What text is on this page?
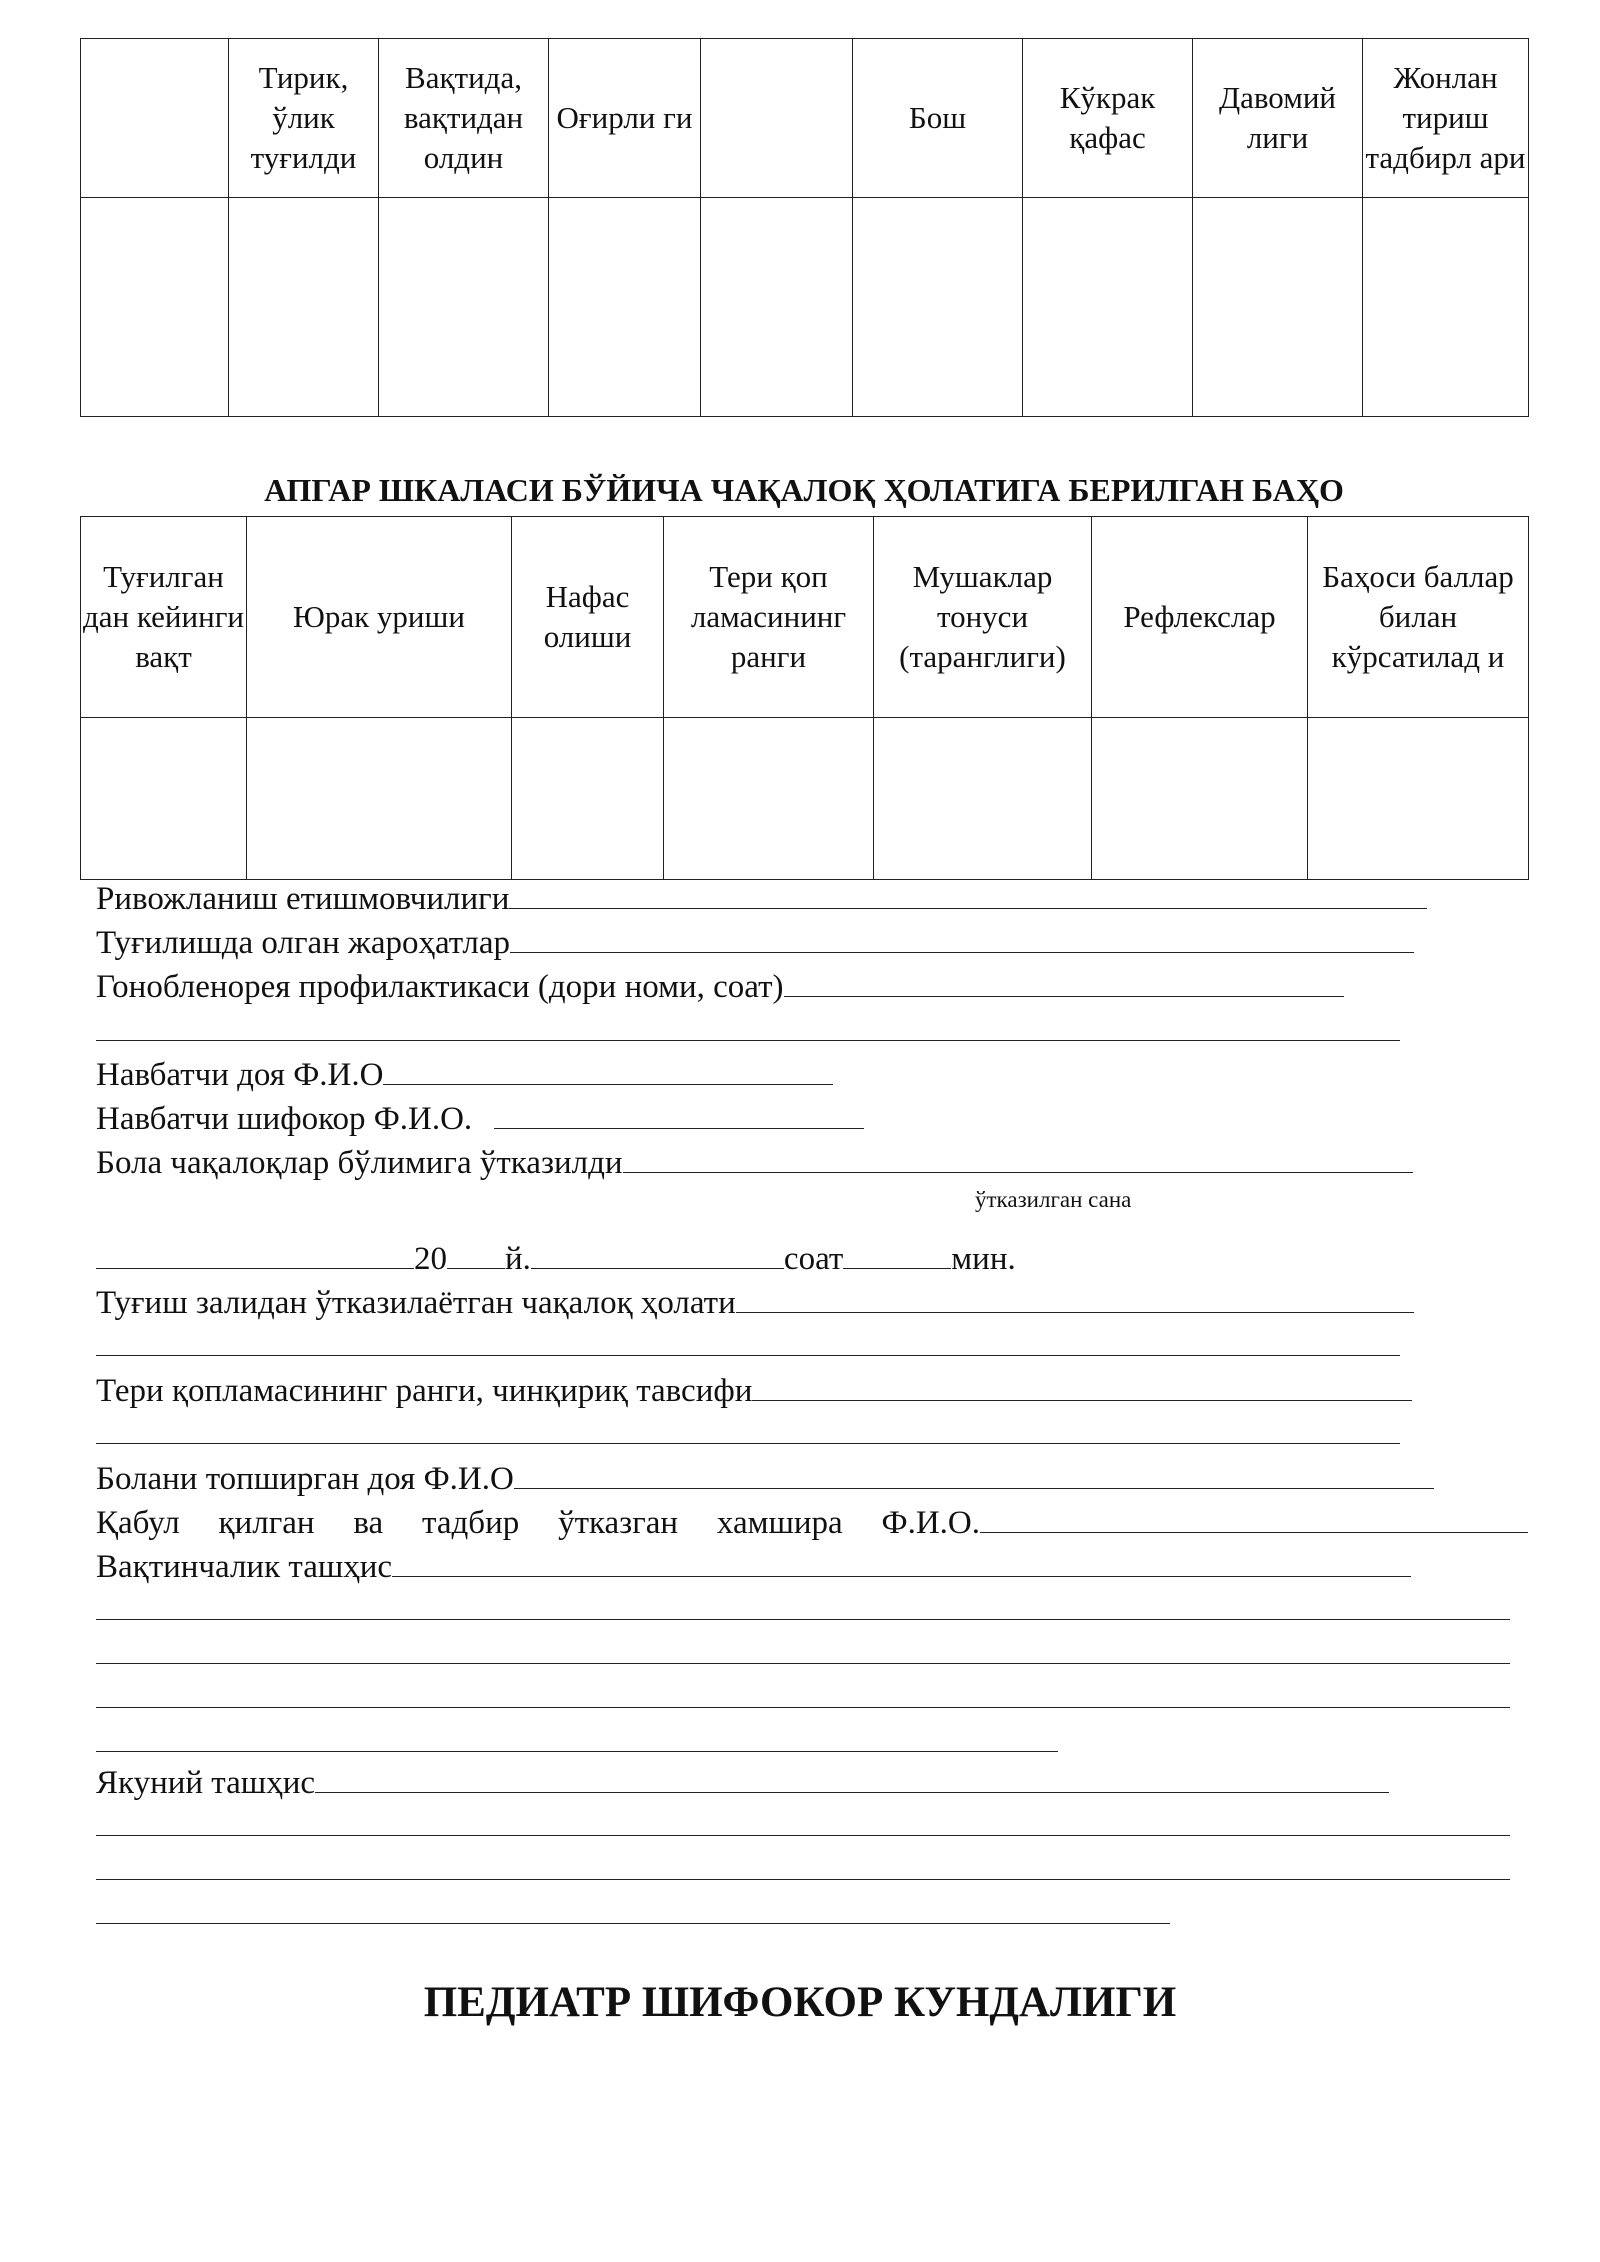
	Тирик, ўлик туғилди	Вақтида, вақтидан олдин	Оғирли ги		Бош	Кўкрак қафас	Давомий лиги	Жонлан тириш тадбирл ари

АПГАР ШКАЛАСИ БЎЙИЧА ЧАҚАЛОҚ ҲОЛАТИГА БЕРИЛГАН БАҲО
Туғилган дан кейинги вақт	Юрак уриши	Нафас олиши	Тери қоп ламасининг ранги	Мушаклар тонуси (таранглиги)	Рефлекслар	Баҳоси баллар билан кўрсатилад и

Ривожланиш етишмовчилиги
Туғилишда олган жароҳатлар
Гонобленорея профилактикаси (дори номи, соат)
Навбатчи доя Ф.И.О
Навбатчи шифокор Ф.И.О.
Бола чақалоқлар бўлимига ўтказилди
ўтказилган сана
20 й.	соат	мин.
Туғиш залидан ўтказилаётган чақалоқ ҳолати
Тери қопламасининг ранги, чинқириқ тавсифи
Болани топширган доя Ф.И.О
Қабул қилган ва тадбир ўтказган хамшира Ф.И.О.
Вақтинчалик ташҳис
Якуний ташҳис
ПЕДИАТР ШИФОКОР КУНДАЛИГИ
